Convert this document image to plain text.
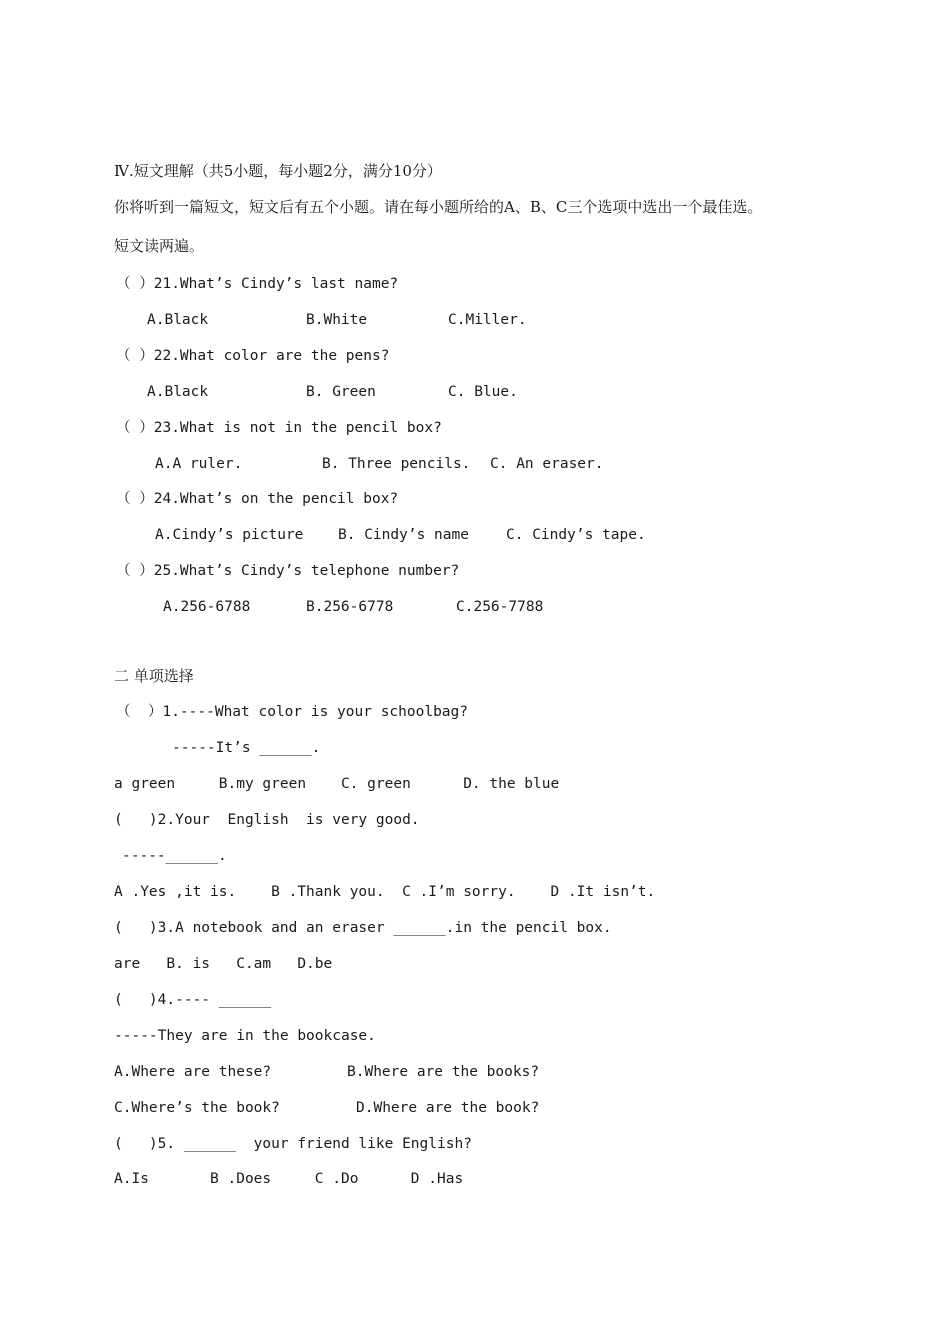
Ⅳ.短文理解（共5小题，每小题2分，满分10分）
你将听到一篇短文，短文后有五个小题。请在每小题所给的A、B、C三个选项中选出一个最佳选。
短文读两遍。
（ ）21.What’s Cindy’s last name?
A.Black	B.White	C.Miller.
（ ）22.What color are the pens?
A.Black	B. Green	C. Blue.
（ ）23.What is not in the pencil box?
A.A ruler.	B. Three pencils. C. An eraser.
（ ）24.What’s on the pencil box?
A.Cindy’s picture B. Cindy’s name	C. Cindy’s tape.
（ ）25.What’s Cindy’s telephone number?
A.256-6788	B.256-6778	C.256-7788
二 单项选择
（  ）1.----What color is your schoolbag?
-----It’s ______.
a green     B.my green    C. green      D. the blue
(   )2.Your  English  is very good.
-----______.
A .Yes ,it is.    B .Thank you.  C .I’m sorry.    D .It isn’t.
(   )3.A notebook and an eraser ______.in the pencil box.
are   B. is   C.am   D.be
(   )4.---- ______
-----They are in the bookcase.
A.Where are these?	B.Where are the books?
C.Where’s the book?	D.Where are the book?
(   )5. ______  your friend like English?
A.Is       B .Does     C .Do      D .Has
